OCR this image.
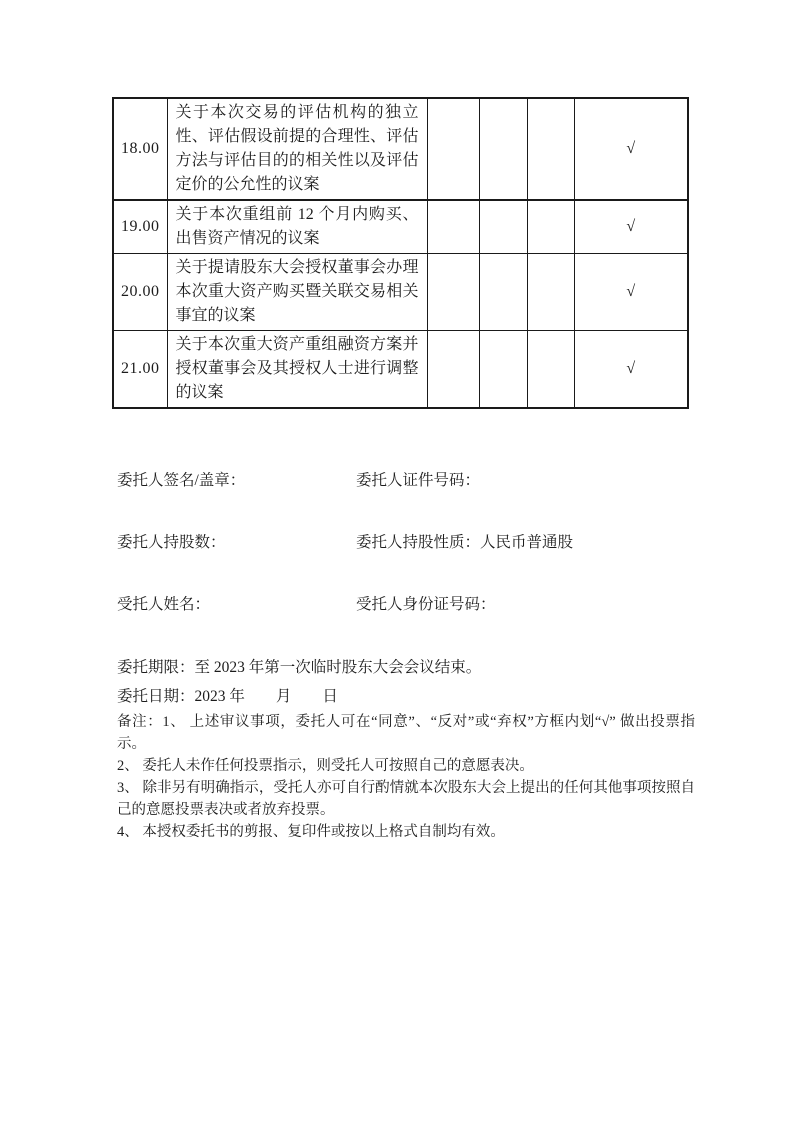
18.00	关于本次交易的评估机构的独立性、评估假设前提的合理性、评估方法与评估目的的相关性以及评估定价的公允性的议案				√
19.00	关于本次重组前 12 个月内购买、出售资产情况的议案				√
20.00	关于提请股东大会授权董事会办理本次重大资产购买暨关联交易相关事宜的议案				√
21.00	关于本次重大资产重组融资方案并授权董事会及其授权人士进行调整的议案				√
委托人签名/盖章：	委托人证件号码：
委托人持股数：	委托人持股性质：人民币普通股
受托人姓名：	受托人身份证号码：
委托期限：至 2023 年第一次临时股东大会会议结束。
委托日期：2023 年　　月　　日

备注：1、 上述审议事项，委托人可在“同意”、“反对”或“弃权”方框内划“√” 做出投票指示。

2、 委托人未作任何投票指示，则受托人可按照自己的意愿表决。

3、 除非另有明确指示，受托人亦可自行酌情就本次股东大会上提出的任何其他事项按照自己的意愿投票表决或者放弃投票。

4、 本授权委托书的剪报、复印件或按以上格式自制均有效。
